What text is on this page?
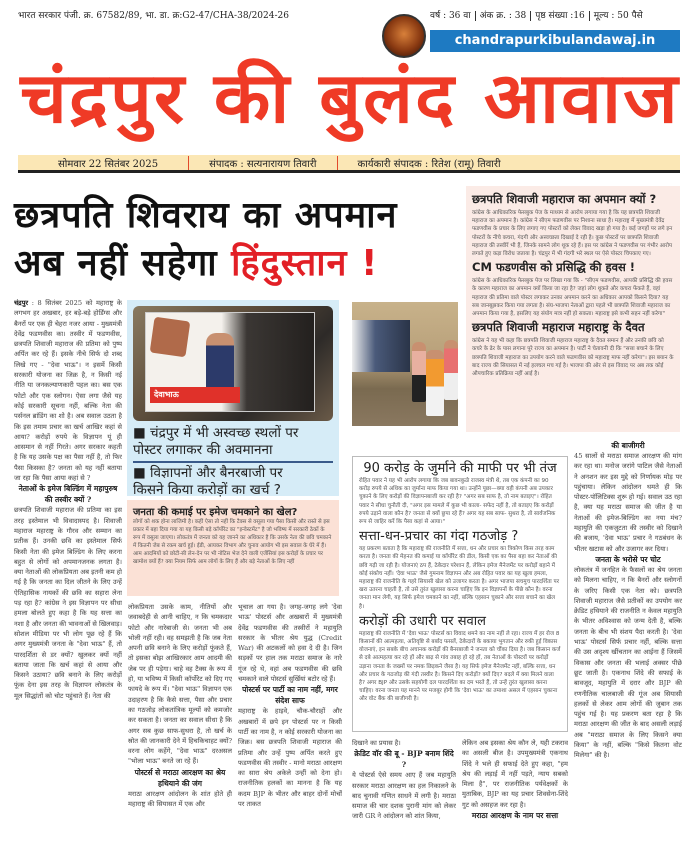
भारत सरकार पंजी. क्र. 67582/89, भा. डा. क्र:G2-47/CHA-38/2024-26	वर्ष : 36 वा अंक क्र. : 38 पृष्ठ संख्या :16 मूल्य : 50 पैसे
chandrapurkibulandawaj.in
चंद्रपुर की बुलंद आवाज
सोमवार 22 सितंबर 2025	संपादक : सत्यनारायण तिवारी	कार्यकारी संपादक : रितेश (रामू) तिवारी
छत्रपति शिवराय का अपमान
अब नहीं सहेगा हिंदुस्तान !
छत्रपति शिवाजी महाराज का अपमान क्यों ?

कांग्रेस के आधिकारिक फेसबुक पेज के माध्यम से आरोप लगाया गया है कि यह छत्रपति शिवाजी महाराज का अपमान है। कांग्रेस ने सीएम फडणवीस पर निशाना साधा है। महाराष्ट्र में मुख्यमंत्री देवेंद्र फडणवीस के प्रचार के लिए लगाए गए पोस्टरों को लेकर विवाद खड़ा हो गया है। कई जगहों पर लगे इन पोस्टरों के नीचे कचरा, गंदगी और अस्वच्छता दिखाई दे रही है। कुछ पोस्टरों पर छत्रपति शिवाजी महाराज की तस्वीरें भी हैं, जिनके सामने लोग थूक रहे हैं। इस पर कांग्रेस ने फडणवीस पर गंभीर आरोप लगाते हुए कड़ा विरोध जताया है। चंद्रपुर में भी गंदगी भरे स्थल पर ऐसे पोस्टर चिपकाए गए।

CM फडणवीस को प्रसिद्धि की हवस !

कांग्रेस के आधिकारिक फेसबुक पेज पर लिखा गया कि - "सीएम फडणवीस, आपकी प्रसिद्धि की हवस के कारण महाराज का अपमान क्यों किया जा रहा है? जहां लोग थूकते और कचरा फेंकते हैं, वहां महाराज की प्रतिमा वाले पोस्टर लगाकर उनका अपमान करने का अधिकार आपको किसने दिया? यह सब जानबूझकर किया गया लगता है। संघ-भाजपा नेताओं द्वारा पहले भी छत्रपति शिवाजी महाराज का अपमान किया गया है, इसलिए यह संयोग मात्र नहीं हो सकता। महाराष्ट्र इसे कभी सहन नहीं करेगा"

छत्रपति शिवाजी महाराज महाराष्ट्र के दैवत

कांग्रेस ने यह भी कहा कि छत्रपति शिवाजी महाराज महाराष्ट्र के दैवत समान हैं और उनकी छवि को कचरे के ढेर के पास लगाना पूरे राज्य का अपमान है। पार्टी ने चेतावनी दी कि "सत्ता बचाने के लिए छत्रपति शिवाजी महाराज का उपयोग करने वाले फडणवीस को महाराष्ट्र माफ नहीं करेगा"। इस बयान के बाद राज्य की सियासत में नई हलचल मच गई है। भाजपा की ओर से इस विवाद पर अब तक कोई औपचारिक प्रतिक्रिया नहीं आई है।

चंद्रपुर : 8 सितंबर 2025 को महाराष्ट्र के लगभग हर अखबार, हर बड़े-बड़े होर्डिंग्स और बैनरों पर एक ही चेहरा नजर आया - मुख्यमंत्री देवेंद्र फडणवीस का। तस्वीर में फडणवीस, छत्रपति शिवाजी महाराज की प्रतिमा को पुष्प अर्पित कर रहे हैं। इसके नीचे सिर्फ दो शब्द लिखे गए - "देवा भाऊ"। न इसमें किसी सरकारी योजना का जिक्र है, न किसी नई नीति या जनकल्याणकारी पहल का। बस एक फोटो और एक स्लोगन। ऐसा लगा जैसे यह कोई सरकारी सूचना नहीं, बल्कि नेता की पर्सनल ब्रांडिंग का शो है। अब सवाल उठता है कि इस तमाम प्रचार का खर्च आखिर कहां से आया? करोड़ों रुपये के विज्ञापन यूं ही आसमान से नहीं गिरते। अगर सरकार कहती है कि यह उसके पक्ष का पैसा नहीं है, तो फिर पैसा किसका है? जनता को यह नहीं बताया जा रहा कि पैसा आया कहां से ?
नेताओं के इमेज बिल्डिंग में महापुरुष की तस्वीर क्यों ?
छत्रपति शिवाजी महाराज की प्रतिमा का इस तरह इस्तेमाल भी विवादास्पद है। शिवाजी महाराज महाराष्ट्र के गौरव और सम्मान का प्रतीक हैं। उनकी छवि का इस्तेमाल सिर्फ किसी नेता की इमेज बिल्डिंग के लिए करना बहुत से लोगों को अपमानजनक लगता है। क्या नेताओं की लोकप्रियता अब इतनी कम हो गई है कि जनता का दिल जीतने के लिए उन्हें ऐतिहासिक नायकों की छवि का सहारा लेना पड़ रहा है? कांग्रेस ने इस विज्ञापन पर सीधा हमला बोलते हुए कहा है कि यह सत्ता का नशा है और जनता की भावनाओं से खिलवाड़। सोशल मीडिया पर भी लोग पूछ रहे हैं कि अगर मुख्यमंत्री जनता के "देवा भाऊ" हैं, तो पारदर्शिता से डर क्यों? खुलकर क्यों नहीं बताया जाता कि खर्च कहां से आया और किसने उठाया? छवि बनाने के लिए करोड़ों फूंक देना इस तरह के विज्ञापन लोकतंत्र के मूल सिद्धांतों को चोट पहुंचाते हैं। नेता की
देवाभाऊ
■ चंद्रपुर में भी अस्वच्छ स्थलों पर
पोस्टर लगाकर की अवमानना
■ विज्ञापनों और बैनरबाजी पर
किसने किया करोड़ों का खर्च ?
जनता की कमाई पर इमेज चमकाने का खेल?

लोगों को शक होना लाजिमी है। कहीं ऐसा तो नहीं कि टैक्स से वसूला गया पैसा किसी और रास्ते से इस प्रकार में बहा दिया गया या यह किसी बड़े कॉर्पोरेट का "इन्वेस्टमेंट" है जो भविष्य में सरकारी ठेकों के रूप में वसूला जाएगा। लोकतंत्र में जनता को यह जानने का अधिकार है कि उसके नेता की छवि चमकाने में कितनी जेब से रकम खर्च हुई। ईडी, आयकर विभाग और चुनाव आयोग भी इस सवाल के घेरे में हैं। आम आदमियों को छोटी-सी लेन-देन पर भी नोटिस भेज देने वाली एजेंसियां इस करोड़ों के प्रचार पर खामोश क्यों हैं? क्या नियम सिर्फ आम लोगों के लिए हैं और बड़े नेताओं के लिए नहीं

लोकप्रियता उसके काम, नीतियों और जवाबदेही से आनी चाहिए, न कि चमकदार फोटो और नारेबाजी से। जनता भी अब भोली नहीं रही। वह समझती है कि जब नेता अपनी छवि बनाने के लिए करोड़ों फूंकते हैं, तो इसका बोझ आखिरकार आम आदमी की जेब पर ही पड़ेगा। चाहे वह टैक्स के रूप में हो, या भविष्य में किसी कॉर्पोरेट को दिए गए फायदे के रूप में। "देवा भाऊ" विज्ञापन एक उदाहरण है कि कैसे सत्ता, पैसा और प्रचार का गठजोड़ लोकतांत्रिक मूल्यों को कमजोर कर सकता है। जनता का सवाल सीधा है कि अगर सब कुछ साफ-सुथरा है, तो खर्च के स्रोत की जानकारी देने में हिचकिचाहट क्यों? वरना लोग कहेंगे, "देवा भाऊ" दरअसल "भोला भाऊ" बनते जा रहे हैं।
पोस्टर्स से मराठा आरक्षण का श्रेय हथियाने की जंग
मराठा आरक्षण आंदोलन के शांत होते ही महाराष्ट्र की सियासत में एक और
भूचाल आ गया है। जगह-जगह लगे 'देवा भाऊ' पोस्टर्स और अखबारों में मुख्यमंत्री देवेंद्र फडणवीस की तस्वीरों ने महायुति सरकार के भीतर श्रेय युद्ध (Credit War) की अटकलों को हवा दे दी है। जिन सड़कों पर हाल तक मराठा समाज के नारे गूंज रहे थे, वहां अब फडणवीस की छवि चमकाने वाले पोस्टर्स सुर्खियां बटोर रहे हैं।
पोस्टर्स पर पार्टी का नाम नहीं, मगर संदेश साफ
महाराष्ट्र के हाइवे, चौक-चौराहों और अखबारों में छपे इन पोस्टर्स पर न किसी पार्टी का नाम है, न कोई सरकारी योजना का जिक्र। बस छत्रपति शिवाजी महाराज की प्रतिमा और उन्हें पुष्प अर्पित करते हुए फडणवीस की तस्वीर - मानो मराठा आरक्षण का सारा श्रेय अकेले उन्हीं को देना हो। राजनीतिक हलकों का मानना है कि यह कदम BJP के भीतर और बाहर दोनों मोर्चों पर ताकत
90 करोड़ के जुर्माने की माफी पर भी तंज

रोहित पवार ने यह भी आरोप लगाया कि जब बावनकुळे राजस्व मंत्री थे, तब एक कंपनी का 90 करोड़ रुपये से अधिक का जुर्माना माफ किया गया था। उन्होंने पूछा—क्या वही कंपनी अब उपकार चुकाने के लिए करोड़ों की विज्ञापनबाजी कर रही है? "अगर सब साफ है, तो नाम बताइए"। रोहित पवार ने सीधा चुनौती दी, "अगर इस मामले में कुछ भी काला- सफेद नहीं है, तो बताइए कि करोड़ों रुपये उड़ाने वाला कौन है? जनता से क्यों छुपा रहे हैं? अगर यह सब साफ- सुथरा है, तो सार्वजनिक रूप से जाहिर करें कि पैसा कहां से आया।"

सत्ता-धन-प्रचार का गंदा गठजोड़ ?

यह प्रकरण बताता है कि महाराष्ट्र की राजनीति में सत्ता, धन और प्रचार का त्रिकोण किस तरह काम करता है। जनता की मेहनत की कमाई या कॉर्पोरेट की डील, किसी एक का पैसा बहा कर नेताओं की छवि गढ़ी जा रही है। योजनाएं ठप हैं, ठेकेदार परेशान हैं, लेकिन इमेज मैनेजमेंट पर करोड़ों बहाने में कोई संकोच नहीं। 'देवा भाऊ' जैसे गुमनाम विज्ञापन और अब रोहित पवार का यह खुला हमला, महाराष्ट्र की राजनीति के गहरे सियासी खेल को उजागर करता है। अगर भाजपा सचमुच पारदर्शिता पर खरा उतरना चाहती है, तो उसे तुरंत खुलासा करना चाहिए कि इन विज्ञापनों के पीछे कौन है। वरना जनता मान लेगी, यह सिर्फ इमेज चमकाने का नहीं, बल्कि एहसान चुकाने और सत्ता बचाने का खेल है।

करोड़ों की उधारी पर सवाल

महाराष्ट्र की राजनीति में 'देवा भाऊ' पोस्टर्स का विवाद थमने का नाम नहीं ले रहा। राज्य में हर रोज 8 किसानों की आत्महत्या, अतिवृष्टि से बर्बाद फसलें, ठेकेदारों के बकाया भुगतान और रुकी हुई विकास योजनाएं, इन सबके बीच अचानक करोड़ों की बैनरबाजी ने जनता को चौंका दिया है। जब किसान कर्ज से दबे आत्महत्या कर रहे हों और बाढ़ से गांव तबाह हो रहे हों, तब नेताओं के पोस्टरों पर करोड़ों उड़ाना जनता के जख्मों पर नमक छिड़कने जैसा है। यह सिर्फ इमेज मैनेजमेंट नहीं, बल्कि सत्ता, धन और प्रचार के गठजोड़ की गंदी तस्वीर है। किसने दिए करोड़ों? क्यों दिए? बदले में क्या मिलने वाला है? अगर BJP और उसके सहयोगी दल पारदर्शिता का दम भरते हैं, तो उन्हें तुरंत खुलासा करना चाहिए। वरना जनता यह मानने पर मजबूर होगी कि 'देवा भाऊ' का तमाशा असल में एहसान चुकाना और वोट बैंक की बाजीगरी है।

दिखाने का प्रयास है।
क्रेडिट वॉर की बू - BJP बनाम शिंदे ?
ये पोस्टर्स ऐसे समय आए हैं जब महायुति सरकार मराठा आरक्षण का हल निकालने के बाद चुनावी गणित साधने में लगी है। मराठा समाज की चार दशक पुरानी मांग को लेकर जारी GR ने आंदोलन को शांत किया,
लेकिन अब इसका श्रेय कौन ले, यही टकराव का असली बीज है। उपमुख्यमंत्री एकनाथ शिंदे ने भले ही सफाई देते हुए कहा, "हम श्रेय की लड़ाई में नहीं पड़ते, न्याय सबको मिला है", पर राजनीतिक पर्यवेक्षकों के मुताबिक, BJP का यह प्रचार शिवसेना-शिंदे गुट को असहज कर रहा है।
मराठा आरक्षण के नाम पर सत्ता
की बाजीगरी
45 सालों से मराठा समाज आरक्षण की मांग कर रहा था। मनोज जरांगे पाटिल जैसे नेताओं ने अनशन कर इस मुद्दे को निर्णायक मोड़ पर पहुंचाया। लेकिन आंदोलन थमते ही कि पोस्टर-पॉलिटिक्स शुरू हो गई। सवाल उठ रहा है, क्या यह मराठा समाज की जीत है या नेताओं की इमेज-बिल्डिंग का नया मंच? महायुति की एकजुटता की तस्वीर को दिखाने की बजाय, 'देवा भाऊ' प्रचार ने गठबंधन के भीतर खटास को और उजागर कर दिया।
जनता के भरोसे पर चोट
लोकतंत्र में जनहित के फैसलों का श्रेय जनता को मिलना चाहिए, न कि बैनरों और स्लोगनों के जरिए किसी एक नेता को। छत्रपति शिवाजी महाराज जैसे प्रतीकों का उपयोग कर क्रेडिट हथियाने की राजनीति न केवल महायुति के भीतर अविश्वास को जन्म देती है, बल्कि जनता के बीच भी संशय पैदा करती है। 'देवा भाऊ' पोस्टर्स सिर्फ प्रचार नहीं, बल्कि सत्ता की उस अदृश्य खींचतान का आईना हैं जिसमें विकास और जनता की भलाई अक्सर पीछे छूट जाती है। एकनाथ शिंदे की सफाई के बावजूद, महायुति में दरार और BJP की रणनीतिक चालबाजी की गूंज अब सियासी हलकों से लेकर आम लोगों की जुबान तक पहुंच गई है। यह प्रकरण बता रहा है कि मराठा आरक्षण की जीत के बाद असली लड़ाई अब "मराठा समाज के लिए किसने क्या किया" के नहीं, बल्कि "किसे कितना वोट मिलेगा" की है।
